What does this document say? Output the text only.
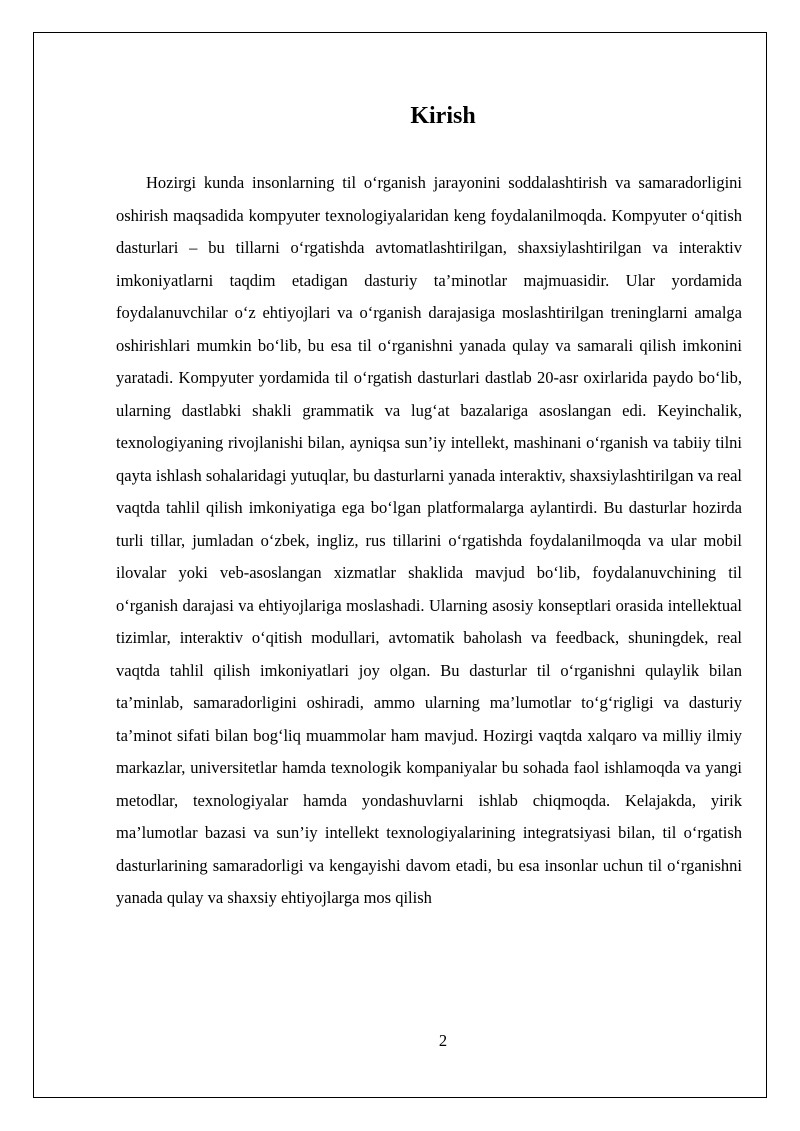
Kirish

Hozirgi kunda insonlarning til o‘rganish jarayonini soddalashtirish va samaradorligini oshirish maqsadida kompyuter texnologiyalaridan keng foydalanilmoqda. Kompyuter o‘qitish dasturlari – bu tillarni o‘rgatishda avtomatlashtirilgan, shaxsiylashtirilgan va interaktiv imkoniyatlarni taqdim etadigan dasturiy ta’minotlar majmuasidir. Ular yordamida foydalanuvchilar o‘z ehtiyojlari va o‘rganish darajasiga moslashtirilgan treninglarni amalga oshirishlari mumkin bo‘lib, bu esa til o‘rganishni yanada qulay va samarali qilish imkonini yaratadi. Kompyuter yordamida til o‘rgatish dasturlari dastlab 20-asr oxirlarida paydo bo‘lib, ularning dastlabki shakli grammatik va lug‘at bazalariga asoslangan edi. Keyinchalik, texnologiyaning rivojlanishi bilan, ayniqsa sun’iy intellekt, mashinani o‘rganish va tabiiy tilni qayta ishlash sohalaridagi yutuqlar, bu dasturlarni yanada interaktiv, shaxsiylashtirilgan va real vaqtda tahlil qilish imkoniyatiga ega bo‘lgan platformalarga aylantirdi. Bu dasturlar hozirda turli tillar, jumladan o‘zbek, ingliz, rus tillarini o‘rgatishda foydalanilmoqda va ular mobil ilovalar yoki veb-asoslangan xizmatlar shaklida mavjud bo‘lib, foydalanuvchining til o‘rganish darajasi va ehtiyojlariga moslashadi. Ularning asosiy konseptlari orasida intellektual tizimlar, interaktiv o‘qitish modullari, avtomatik baholash va feedback, shuningdek, real vaqtda tahlil qilish imkoniyatlari joy olgan. Bu dasturlar til o‘rganishni qulaylik bilan ta’minlab, samaradorligini oshiradi, ammo ularning ma’lumotlar to‘g‘rigligi va dasturiy ta’minot sifati bilan bog‘liq muammolar ham mavjud. Hozirgi vaqtda xalqaro va milliy ilmiy markazlar, universitetlar hamda texnologik kompaniyalar bu sohada faol ishlamoqda va yangi metodlar, texnologiyalar hamda yondashuvlarni ishlab chiqmoqda. Kelajakda, yirik ma’lumotlar bazasi va sun’iy intellekt texnologiyalarining integratsiyasi bilan, til o‘rgatish dasturlarining samaradorligi va kengayishi davom etadi, bu esa insonlar uchun til o‘rganishni yanada qulay va shaxsiy ehtiyojlarga mos qilish

2
